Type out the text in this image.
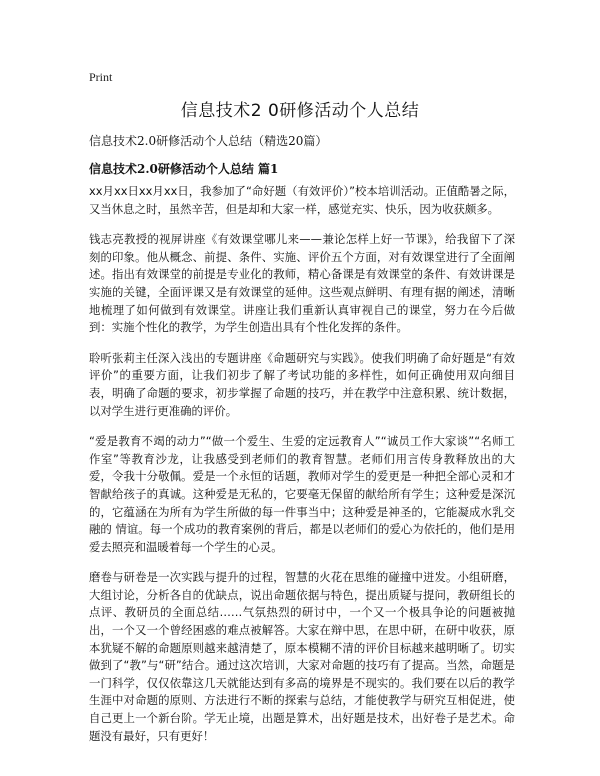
Print
信息技术2 0研修活动个人总结
信息技术2.0研修活动个人总结（精选20篇）
信息技术2.0研修活动个人总结 篇1

xx月xx日xx月xx日，我参加了“命好题（有效评价）”校本培训活动。正值酷暑之际，又当休息之时，虽然辛苦，但是却和大家一样，感觉充实、快乐，因为收获颇多。

钱志亮教授的视屏讲座《有效课堂哪儿来——兼论怎样上好一节课》，给我留下了深刻的印象。他从概念、前提、条件、实施、评价五个方面，对有效课堂进行了全面阐述。指出有效课堂的前提是专业化的教师，精心备课是有效课堂的条件、有效讲课是实施的关键，全面评课又是有效课堂的延伸。这些观点鲜明、有理有据的阐述，清晰地梳理了如何做到有效课堂。讲座让我们重新认真审视自己的课堂，努力在今后做到：实施个性化的教学，为学生创造出具有个性化发挥的条件。

聆听张莉主任深入浅出的专题讲座《命题研究与实践》。使我们明确了命好题是“有效评价”的重要方面，让我们初步了解了考试功能的多样性，如何正确使用双向细目表，明确了命题的要求，初步掌握了命题的技巧，并在教学中注意积累、统计数据，以对学生进行更准确的评价。

“爱是教育不竭的动力”“做一个爱生、生爱的定远教育人”“诚员工作大家谈”“名师工作室”等教育沙龙，让我感受到老师们的教育智慧。老师们用言传身教释放出的大爱，令我十分敬佩。爱是一个永恒的话题，教师对学生的爱更是一种把全部心灵和才智献给孩子的真诚。这种爱是无私的，它要毫无保留的献给所有学生；这种爱是深沉的，它蕴涵在为所有为学生所做的每一件事当中；这种爱是神圣的，它能凝成水乳交融的 情谊。每一个成功的教育案例的背后，都是以老师们的爱心为依托的，他们是用爱去照亮和温暖着每一个学生的心灵。

磨卷与研卷是一次实践与提升的过程，智慧的火花在思维的碰撞中迸发。小组研磨，大组讨论，分析各自的优缺点，说出命题依据与特色，提出质疑与提问，教研组长的点评、教研员的全面总结……气氛热烈的研讨中，一个又一个极具争论的问题被抛出，一个又一个曾经困惑的难点被解答。大家在辩中思，在思中研，在研中收获，原本犹疑不解的命题原则越来越清楚了，原本模糊不清的评价目标越来越明晰了。切实做到了“教”与“研”结合。通过这次培训，大家对命题的技巧有了提高。当然，命题是一门科学，仅仅依靠这几天就能达到有多高的境界是不现实的。我们要在以后的教学生涯中对命题的原则、方法进行不断的探索与总结，才能使教学与研究互相促进，使自己更上一个新台阶。学无止境，出题是算术，出好题是技术，出好卷子是艺术。命题没有最好，只有更好！
